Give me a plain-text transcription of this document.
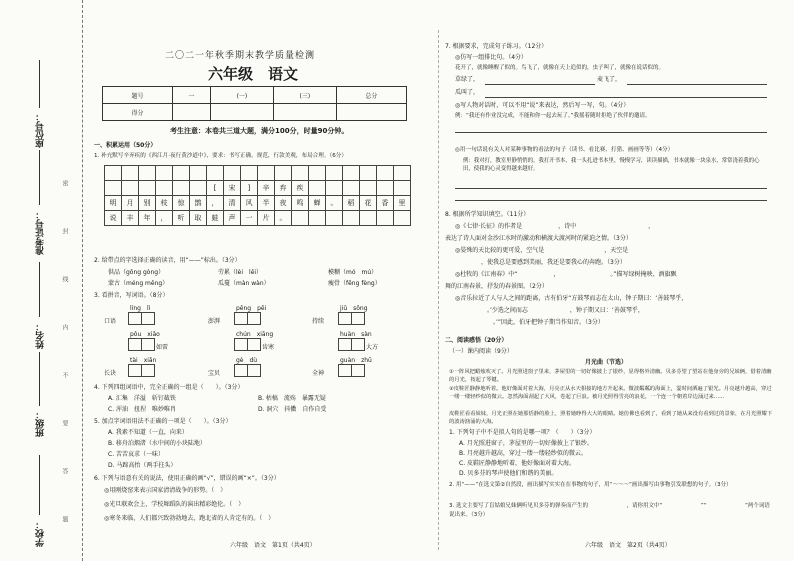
座位号：
准考证号：
姓名：
班级：
学校：	密　封　线　内　不　要　答　题
二〇二一年秋季期末教学质量检测
六年级　语文
题号	一	(一)	(三)	总分
得分				
考生注意：本卷共三道大题，满分100分，时量90分钟。
一、积累运用（50分）
1. 补充默写辛弃疾的《西江月·夜行黄沙道中》，要求：书写正确、规范，行款美观，布局合理。（6分）

						[	宋	]	辛	弃	疾						
明	月	别	枝	惊	鹊	，	清	风	半	夜	鸣	蝉	。	稻	花	香	里
说	丰	年	，	听	取	蛙	声	一	片	。							
2. 给带点的字选择正确的读音，用“——”标出。（3分）
供品（gōng gòng）	劳累（lèi　lěi）	模糊（mó　mú）
蒙古（méng měng）	瓜蔓（màn wàn）	瘦骨（fēng fèng）
3. 看拼音，写词语。（8分）
líng　lì	pēng　pēi	jiǔ　sōng
口语	澎湃	持续
pǒu　xiǎo	chún　xiāng	huàn　sàn
如雷	齿寒	大方
tài　xiǎn	gè　dù	guàn　zhū
长诀	宝贝	全神
4. 下列四组词语中，完全正确的一组是（　　）。（3分）
A. 汇集　洋溢　斩钉截铁	B. 枯槁　流殇　暴露无疑
C. 浑油　扭捏　唯妙唯肖	D. 洞穴　抖擞　自作自受
5. 加点字词语用法不正确的一项是（　　）。（3分）
A. 我素不知道（一直，向来）
B. 移舟泊烟渚（水中间的小块陆地）
C. 苦苦哀求（一味）
D. 马蹄高抬（两手拄头）
6. 下列与语意有关的说法，使用正确的画“√”，错误的画“×”。（3分）
◎用刚烧窑来表示国家清清战争的形势。（　）
◎光旦联欢会上，学校舞蹈队的演出精彩绝伦。（　）
◎寒冬来临，人们都兴致勃勃地去，跑北省的人肯定有的。（　）
六年级　语文　第1页（共4页）
7. 根据要求，完成句子练习。（12分）
◎仿写一组排比句。（4分）
花开了，就像睡醒了似的。鸟飞了，就像在天上追似的，虫子叫了，就像在说话似的。
草绿了，	麦飞了，
瓜叫了，
◎写人物对话时，可以不用“说”来表达，然后写一写，句。（4分）
例：“我还有作业没完成，不能和你一起去玩了。”我摇着随时拒绝了伙伴的邀请。
◎用一句话说有关人对某种事物的看法的句子（读书、看比赛、打猎、画画等等）（4分）
例：我对打，教室里静悄悄的，我打开书本，我一头扎进书本里，慢慢学习，读读描描，书本就像一块泉水，常常浇着我的心田，使我的心灵变得越来越好。
8. 根据所学知识填空。（11分）
◎《七律·长征》的作者是　　　　　　，诗中　　　　　　　　　　　　，
表达了诗人面对金沙江水时的激动和横渡大渡河时的紧迫之情。（3分）
◎晏殊的天比较的更可爱，空气是　　　　　　　　　　，天空是　　　　　　
　　　　　　，使我总是要感到美丽，我还是要我心的奔跑。（3分）
◎杜牧的《江南春》中“　　　　　　，　　　　　　　　　。”描写绿树掩映、酒旗飘
舞的江南春景，抒发的春景图。（2分）
◎音乐拉近了人与人之间的距离，古有伯牙“方鼓琴而志在太山，钟子期曰：‘善鼓琴乎，
　　　　　　　。’少选之间而志　　　　　　　，钟子期又曰：‘善鼓琴乎，
　　　　　　　　。’”因此，伯牙把钟子期当作知音。（3分）
二、阅读感悟（20分）
（一）课内阅读（9分）
月光曲（节选）
①一阵风把蜡烛吹灭了。月光照进窗子里来，茅屋里的一切好像披上了银纱，显得格外清幽。贝多芬望了望站在他身旁的兄妹俩，借着清幽的月光，按起了琴键。
②皮鞋匠静静地听着。他好像面对着大海，月亮正从水天相接的地方升起来。微波粼粼的海面上，霎时间洒遍了银光。月亮越升越高，穿过一缕一缕轻纱似的微云。忽然海面刮起了大风，卷起了巨浪。被月光照得雪亮的浪花，一个连一个朝着岸边涌过来……
皮鞋匠看看妹妹，月光正照在她那恬静的脸上，照着她睁得大大的眼睛。她仿佛也看到了，看到了她从来没有看到过的景象，在月光照耀下的波涛汹涌的大海。
1. 下列句子中不是拟人句的是哪一项？（　　）（3分）
A. 月光照进窗子，茅屋里的一切好像披上了银纱。
B. 月亮越升越高，穿过一缕一缕轻纱似的微云。
C. 皮鞋匠静静地听着，他好像面对着大海。
D. 贝多芬的琴声使他们和谐的美丽。
2. 用“——”在选文第②自然段，画出描写实实在在事物的句子，用“～～～”画出描写由事物引发联想的句子。（3分）
3. 选文主要写了盲姑娘兄妹俩听见贝多芬的弹奏而产生的　　　　　　　，请你用文中“　　　　　　　”“　　　　　　　”两个词语说出来。（3分）
六年级　语文　第2页（共4页）
